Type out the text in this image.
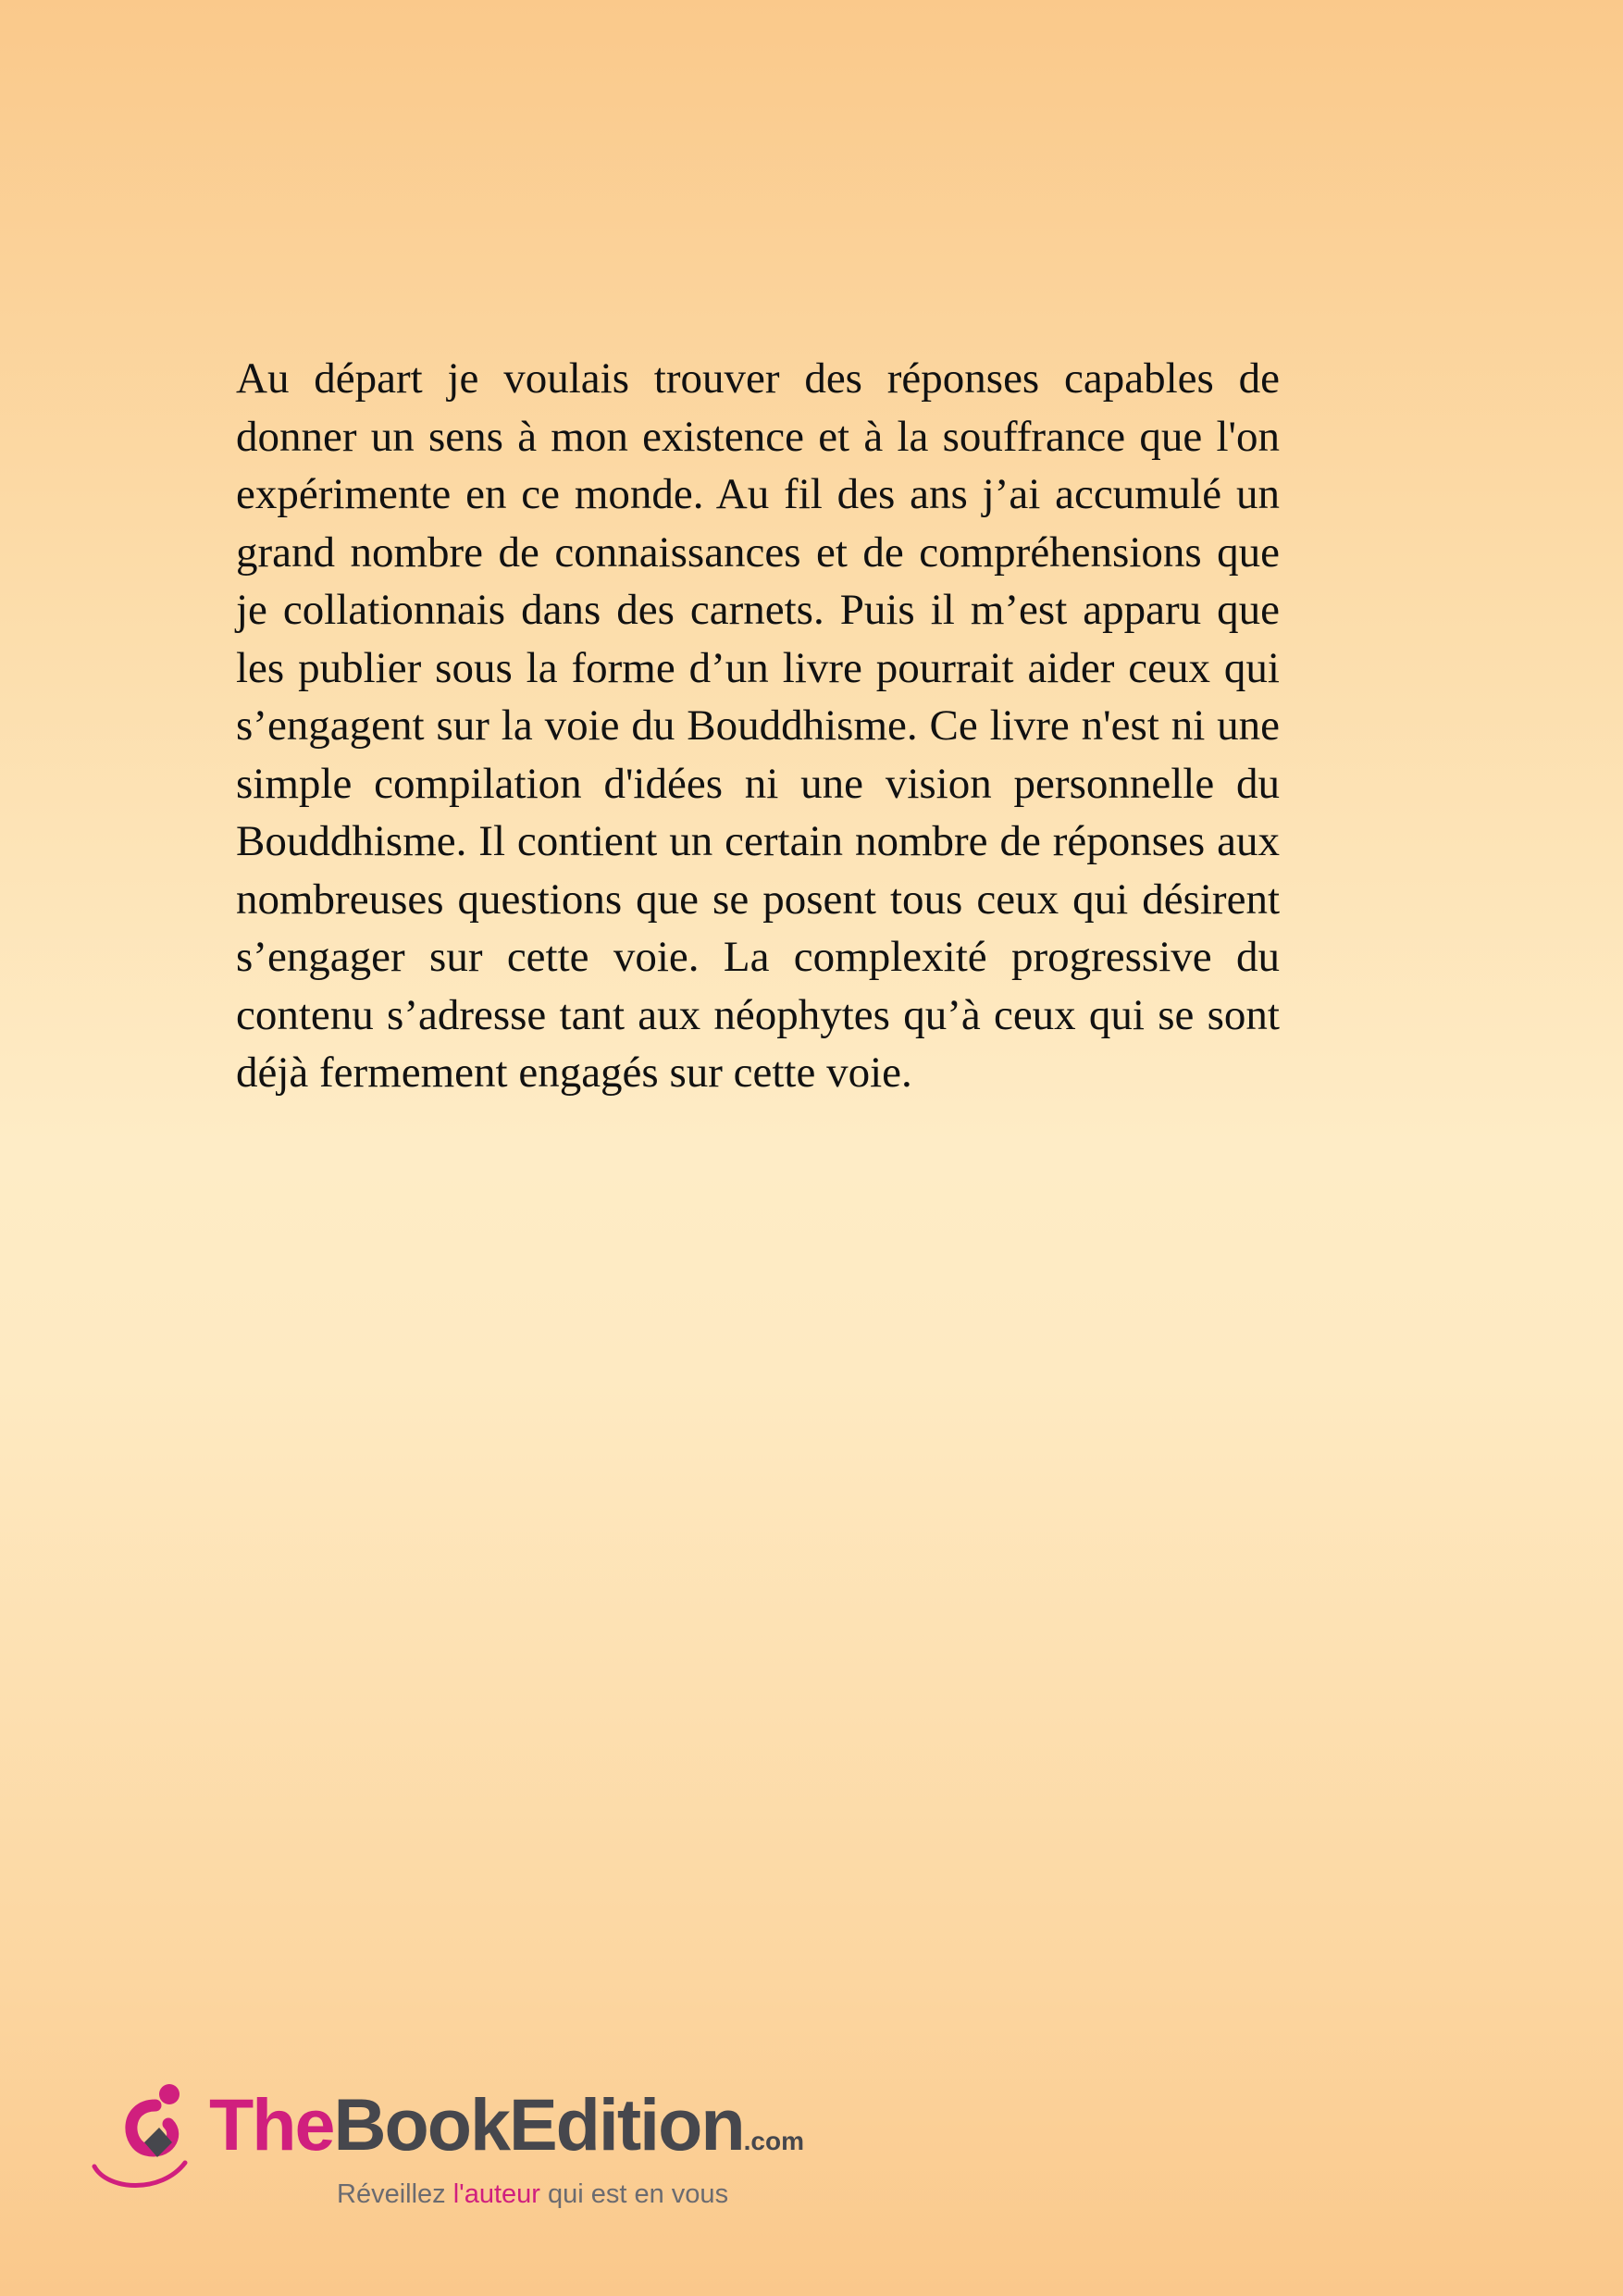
Au départ je voulais trouver des réponses capables de donner un sens à mon existence et à la souffrance que l'on expérimente en ce monde. Au fil des ans j’ai accumulé un grand nombre de connaissances et de compréhensions que je collationnais dans des carnets. Puis il m’est apparu que les publier sous la forme d’un livre pourrait aider ceux qui s’engagent sur la voie du Bouddhisme. Ce livre n'est ni une simple compilation d'idées ni une vision personnelle du Bouddhisme. Il contient un certain nombre de réponses aux nombreuses questions que se posent tous ceux qui désirent s’engager sur cette voie. La complexité progressive du contenu s’adresse tant aux néophytes qu’à ceux qui se sont déjà fermement engagés sur cette voie.

TheBookEdition.com
Réveillez l'auteur qui est en vous
